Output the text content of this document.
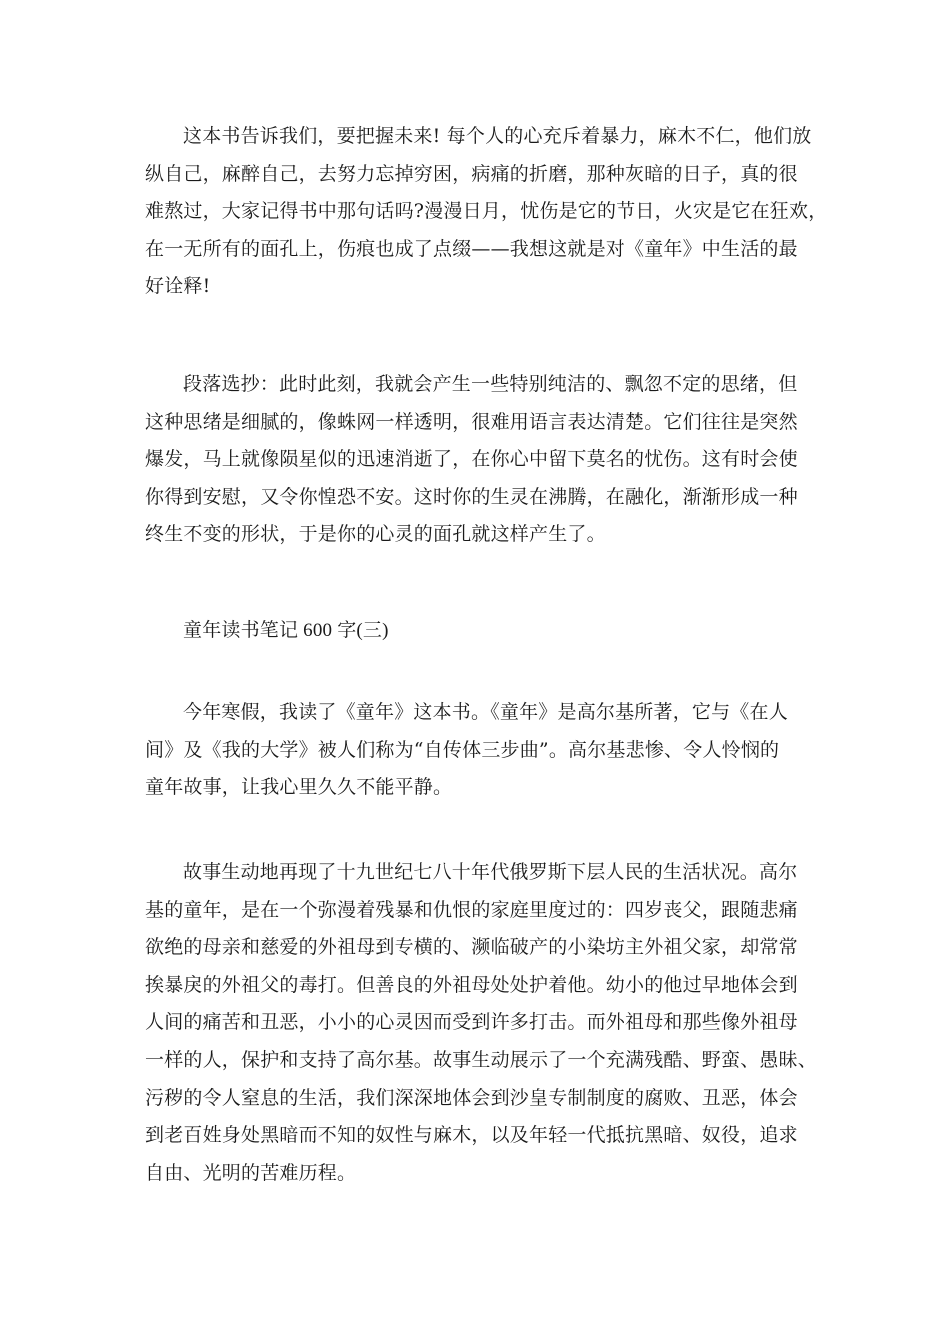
这本书告诉我们，要把握未来! 每个人的心充斥着暴力，麻木不仁，他们放
纵自己，麻醉自己，去努力忘掉穷困，病痛的折磨，那种灰暗的日子，真的很
难熬过，大家记得书中那句话吗?漫漫日月，忧伤是它的节日，火灾是它在狂欢，
在一无所有的面孔上，伤痕也成了点缀——我想这就是对《童年》中生活的最
好诠释!
段落选抄：此时此刻，我就会产生一些特别纯洁的、飘忽不定的思绪，但
这种思绪是细腻的，像蛛网一样透明，很难用语言表达清楚。它们往往是突然
爆发，马上就像陨星似的迅速消逝了，在你心中留下莫名的忧伤。这有时会使
你得到安慰，又令你惶恐不安。这时你的生灵在沸腾，在融化，渐渐形成一种
终生不变的形状，于是你的心灵的面孔就这样产生了。
童年读书笔记 600 字(三)
今年寒假，我读了《童年》这本书。《童年》是高尔基所著，它与《在人
间》及《我的大学》被人们称为“自传体三步曲”。高尔基悲惨、令人怜悯的
童年故事，让我心里久久不能平静。
故事生动地再现了十九世纪七八十年代俄罗斯下层人民的生活状况。高尔
基的童年，是在一个弥漫着残暴和仇恨的家庭里度过的：四岁丧父，跟随悲痛
欲绝的母亲和慈爱的外祖母到专横的、濒临破产的小染坊主外祖父家，却常常
挨暴戾的外祖父的毒打。但善良的外祖母处处护着他。幼小的他过早地体会到
人间的痛苦和丑恶，小小的心灵因而受到许多打击。而外祖母和那些像外祖母
一样的人，保护和支持了高尔基。故事生动展示了一个充满残酷、野蛮、愚昧、
污秽的令人窒息的生活，我们深深地体会到沙皇专制制度的腐败、丑恶，体会
到老百姓身处黑暗而不知的奴性与麻木，以及年轻一代抵抗黑暗、奴役，追求
自由、光明的苦难历程。
